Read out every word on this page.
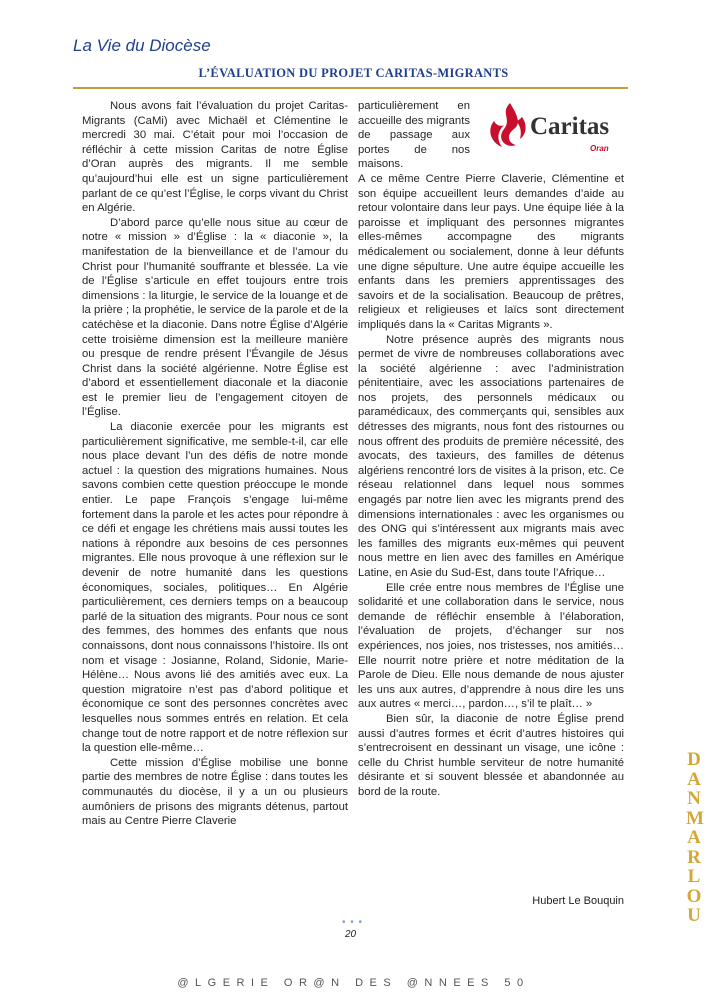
La Vie du Diocèse
L’ÉVALUATION DU PROJET CARITAS-MIGRANTS

Nous avons fait l’évaluation du projet Caritas-Migrants (CaMi) avec Michaël et Clémentine le mercredi 30 mai. C’était pour moi l’occasion de réfléchir à cette mission Caritas de notre Église d’Oran auprès des migrants. Il me semble qu’aujourd’hui elle est un signe particulièrement parlant de ce qu’est l’Église, le corps vivant du Christ en Algérie.

D’abord parce qu’elle nous situe au cœur de notre « mission » d’Église : la « diaconie », la manifestation de la bienveillance et de l’amour du Christ pour l’humanité souffrante et blessée. La vie de l’Église s’articule en effet toujours entre trois dimensions : la liturgie, le service de la louange et de la prière ; la prophétie, le service de la parole et de la catéchèse et la diaconie. Dans notre Église d’Algérie cette troisième dimension est la meilleure manière ou presque de rendre présent l’Évangile de Jésus Christ dans la société algérienne. Notre Église est d’abord et essentiellement diaconale et la diaconie est le premier lieu de l’engagement citoyen de l’Église.

La diaconie exercée pour les migrants est particulièrement significative, me semble-t-il, car elle nous place devant l’un des défis de notre monde actuel : la question des migrations humaines. Nous savons combien cette question préoccupe le monde entier. Le pape François s’engage lui-même fortement dans la parole et les actes pour répondre à ce défi et engage les chrétiens mais aussi toutes les nations à répondre aux besoins de ces personnes migrantes. Elle nous provoque à une réflexion sur le devenir de notre humanité dans les questions économiques, sociales, politiques… En Algérie particulièrement, ces derniers temps on a beaucoup parlé de la situation des migrants. Pour nous ce sont des femmes, des hommes des enfants que nous connaissons, dont nous connaissons l’histoire. Ils ont nom et visage : Josianne, Roland, Sidonie, Marie-Hélène… Nous avons lié des amitiés avec eux. La question migratoire n’est pas d’abord politique et économique ce sont des personnes concrètes avec lesquelles nous sommes entrés en relation. Et cela change tout de notre rapport et de notre réflexion sur la question elle-même…

Cette mission d’Église mobilise une bonne partie des membres de notre Église : dans toutes les communautés du diocèse, il y a un ou plusieurs aumôniers de prisons des migrants détenus, partout mais au Centre Pierre Claverie

particulièrement en accueille des migrants de passage aux portes de nos maisons.

A ce même Centre Pierre Claverie, Clémentine et son équipe accueillent leurs demandes d’aide au retour volontaire dans leur pays. Une équipe liée à la paroisse et impliquant des personnes migrantes elles-mêmes accompagne des migrants médicalement ou socialement, donne à leur défunts une digne sépulture. Une autre équipe accueille les enfants dans les premiers apprentissages des savoirs et de la socialisation. Beaucoup de prêtres, religieux et religieuses et laïcs sont directement impliqués dans la « Caritas Migrants ».

Notre présence auprès des migrants nous permet de vivre de nombreuses collaborations avec la société algérienne : avec l’administration pénitentiaire, avec les associations partenaires de nos projets, des personnels médicaux ou paramédicaux, des commerçants qui, sensibles aux détresses des migrants, nous font des ristournes ou nous offrent des produits de première nécessité, des avocats, des taxieurs, des familles de détenus algériens rencontré lors de visites à la prison, etc. Ce réseau relationnel dans lequel nous sommes engagés par notre lien avec les migrants prend des dimensions internationales : avec les organismes ou des ONG qui s’intéressent aux migrants mais avec les familles des migrants eux-mêmes qui peuvent nous mettre en lien avec des familles en Amérique Latine, en Asie du Sud-Est, dans toute l’Afrique…

Elle crée entre nous membres de l’Église une solidarité et une collaboration dans le service, nous demande de réfléchir ensemble à l’élaboration, l’évaluation de projets, d’échanger sur nos expériences, nos joies, nos tristesses, nos amitiés… Elle nourrit notre prière et notre méditation de la Parole de Dieu. Elle nous demande de nous ajuster les uns aux autres, d’apprendre à nous dire les uns aux autres « merci…, pardon…, s’il te plaît… »

Bien sûr, la diaconie de notre Église prend aussi d’autres formes et écrit d’autres histoires qui s’entrecroisent en dessinant un visage, une icône : celle du Christ humble serviteur de notre humanité désirante et si souvent blessée et abandonnée au bord de la route.

Caritas
Oran
Hubert Le Bouquin
• • •
20
D
A
N
M
A
R
L
O
U
@LGERIE OR@N DES @NNEES 50
